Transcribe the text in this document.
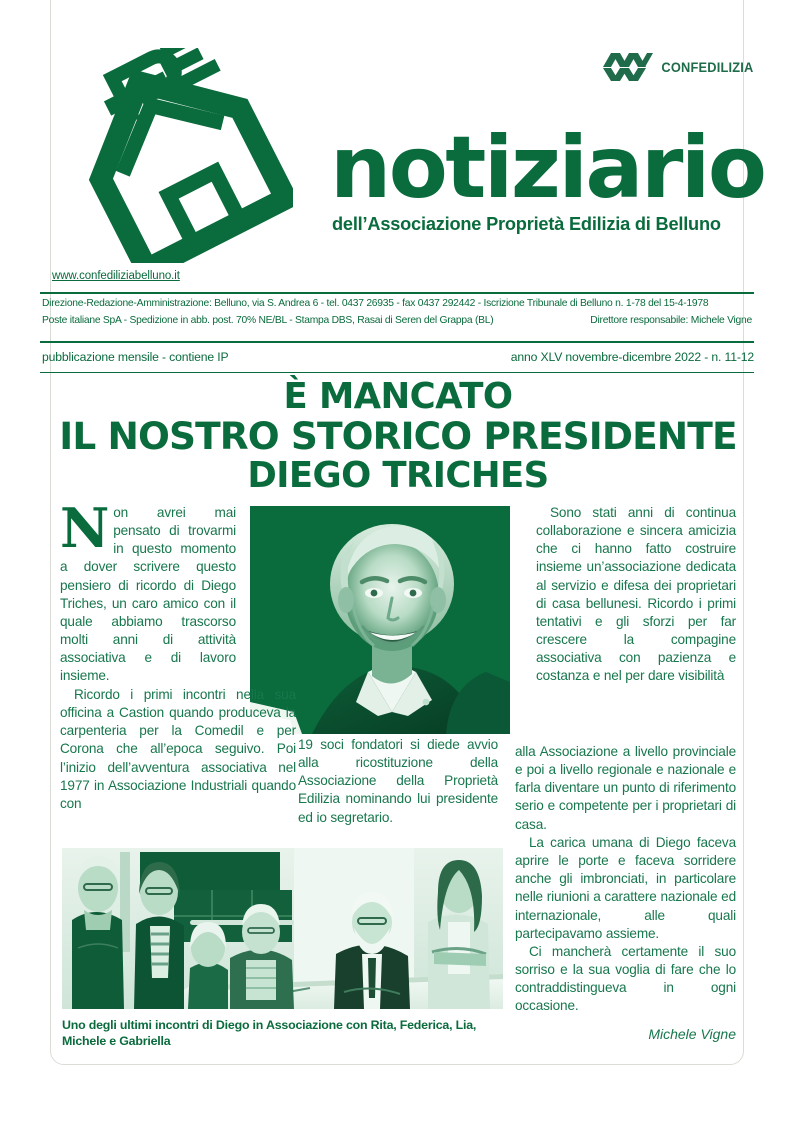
CONFEDILIZIA
notiziario
dell’Associazione Proprietà Edilizia di Belluno
www.confediliziabelluno.it
Direzione-Redazione-Amministrazione: Belluno, via S. Andrea 6 - tel. 0437 26935 - fax 0437 292442 - Iscrizione Tribunale di Belluno n. 1-78 del 15-4-1978
Poste italiane SpA - Spedizione in abb. post. 70% NE/BL - Stampa DBS, Rasai di Seren del Grappa (BL)	Direttore responsabile: Michele Vigne
pubblicazione mensile - contiene IP	anno XLV novembre-dicembre 2022 - n. 11-12
È MANCATO
IL NOSTRO STORICO PRESIDENTE
DIEGO TRICHES

Non avrei mai pensato di trovarmi in questo momento a dover scrivere questo pensiero di ricordo di Diego Triches, un caro amico con il quale abbiamo trascorso molti anni di attività associativa e di lavoro insieme.

Ricordo i primi incontri nella sua officina a Castion quando produceva la carpenteria per la Comedil e per Corona che all’epoca seguivo. Poi l’inizio dell’avventura associativa nel 1977 in Associazione Industriali quando con

19 soci fondatori si diede avvio alla ricostituzione della Associazione della Proprietà Edilizia nominando lui presidente ed io segretario.

Sono stati anni di continua collaborazione e sincera amicizia che ci hanno fatto costruire insieme un’associazione dedicata al servizio e difesa dei proprietari di casa bellunesi. Ricordo i primi tentativi e gli sforzi per far crescere la compagine associativa con pazienza e costanza e nel per dare visibilità

alla Associazione a livello provinciale e poi a livello regionale e nazionale e farla diventare un punto di riferimento serio e competente per i proprietari di casa.

La carica umana di Diego faceva aprire le porte e faceva sorridere anche gli imbronciati, in particolare nelle riunioni a carattere nazionale ed internazionale, alle quali partecipavamo assieme.

Ci mancherà certamente il suo sorriso e la sua voglia di fare che lo contraddistingueva in ogni occasione.

Michele Vigne
Uno degli ultimi incontri di Diego in Associazione con Rita, Federica, Lia, Michele e Gabriella
